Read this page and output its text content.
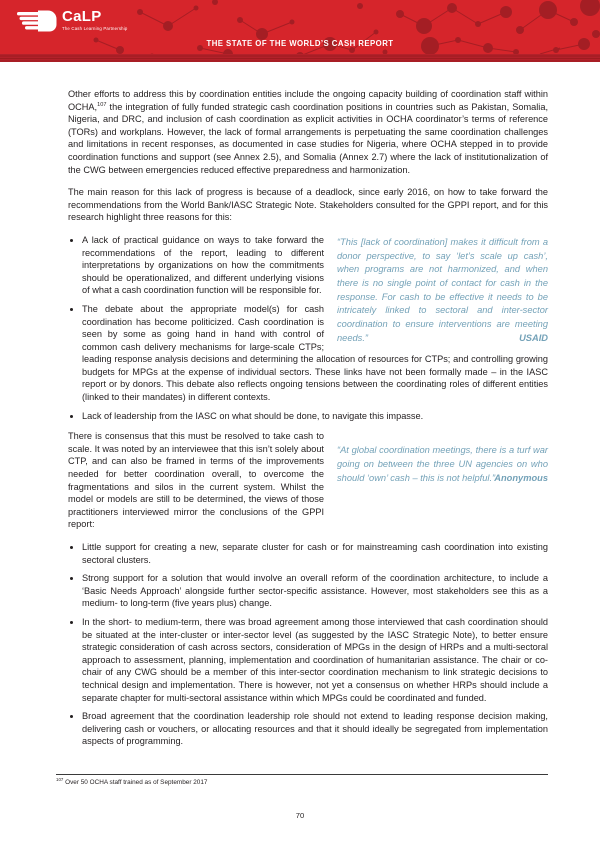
CaLP
The Cash Learning Partnership
THE STATE OF THE WORLD’S CASH REPORT

Other efforts to address this by coordination entities include the ongoing capacity building of coordination staff within OCHA,$^{107}$ the integration of fully funded strategic cash coordination positions in countries such as Pakistan, Somalia, Nigeria, and DRC, and inclusion of cash coordination as explicit activities in OCHA coordinator’s terms of reference (TORs) and workplans. However, the lack of formal arrangements is perpetuating the same coordination challenges and limitations in recent responses, as documented in case studies for Nigeria, where OCHA stepped in to provide coordination functions and support (see Annex 2.5), and Somalia (Annex 2.7) where the lack of institutionalization of the CWG between emergencies reduced effective preparedness and harmonization.

The main reason for this lack of progress is because of a deadlock, since early 2016, on how to take forward the recommendations from the World Bank/IASC Strategic Note. Stakeholders consulted for the GPPI report, and for this research highlight three reasons for this:

“This [lack of coordination] makes it difficult from a donor perspective, to say ‘let’s scale up cash’, when programs are not harmonized, and when there is no single point of contact for cash in the response. For cash to be effective it needs to be intricately linked to sectoral and inter-sector coordination to ensure interventions are meeting needs.”	USAID
• A lack of practical guidance on ways to take forward the recommendations of the report, leading to different interpretations by organizations on how the commitments should be operationalized, and different underlying visions of what a cash coordination function will be responsible for.
• The debate about the appropriate model(s) for cash coordination has become politicized. Cash coordination is seen by some as going hand in hand with control of common cash delivery mechanisms for large-scale CTPs; leading response analysis decisions and determining the allocation of resources for CTPs; and controlling growing budgets for MPGs at the expense of individual sectors. These links have not been formally made – in the IASC report or by donors. This debate also reflects ongoing tensions between the coordinating roles of different entities (linked to their mandates) in different contexts.
• Lack of leadership from the IASC on what should be done, to navigate this impasse.

“At global coordination meetings, there is a turf war going on between the three UN agencies on who should ‘own’ cash – this is not helpful.” Anonymous

There is consensus that this must be resolved to take cash to scale. It was noted by an interviewee that this isn’t solely about CTP, and can also be framed in terms of the improvements needed for better coordination overall, to overcome the fragmentations and silos in the current system. Whilst the model or models are still to be determined, the views of those practitioners interviewed mirror the conclusions of the GPPI report:

• Little support for creating a new, separate cluster for cash or for mainstreaming cash coordination into existing sectoral clusters.
• Strong support for a solution that would involve an overall reform of the coordination architecture, to include a ‘Basic Needs Approach’ alongside further sector-specific assistance. However, most stakeholders see this as a medium- to long-term (five years plus) change.
• In the short- to medium-term, there was broad agreement among those interviewed that cash coordination should be situated at the inter-cluster or inter-sector level (as suggested by the IASC Strategic Note), to better ensure strategic consideration of cash across sectors, consideration of MPGs in the design of HRPs and a multi-sectoral approach to assessment, planning, implementation and coordination of humanitarian assistance. The chair or co-chair of any CWG should be a member of this inter-sector coordination mechanism to link strategic decisions to technical design and implementation. There is however, not yet a consensus on whether HRPs should include a separate chapter for multi-sectoral assistance within which MPGs could be coordinated and funded.
• Broad agreement that the coordination leadership role should not extend to leading response decision making, delivering cash or vouchers, or allocating resources and that it should ideally be segregated from implementation aspects of programming.
$^{107}$ Over 50 OCHA staff trained as of September 2017
70
